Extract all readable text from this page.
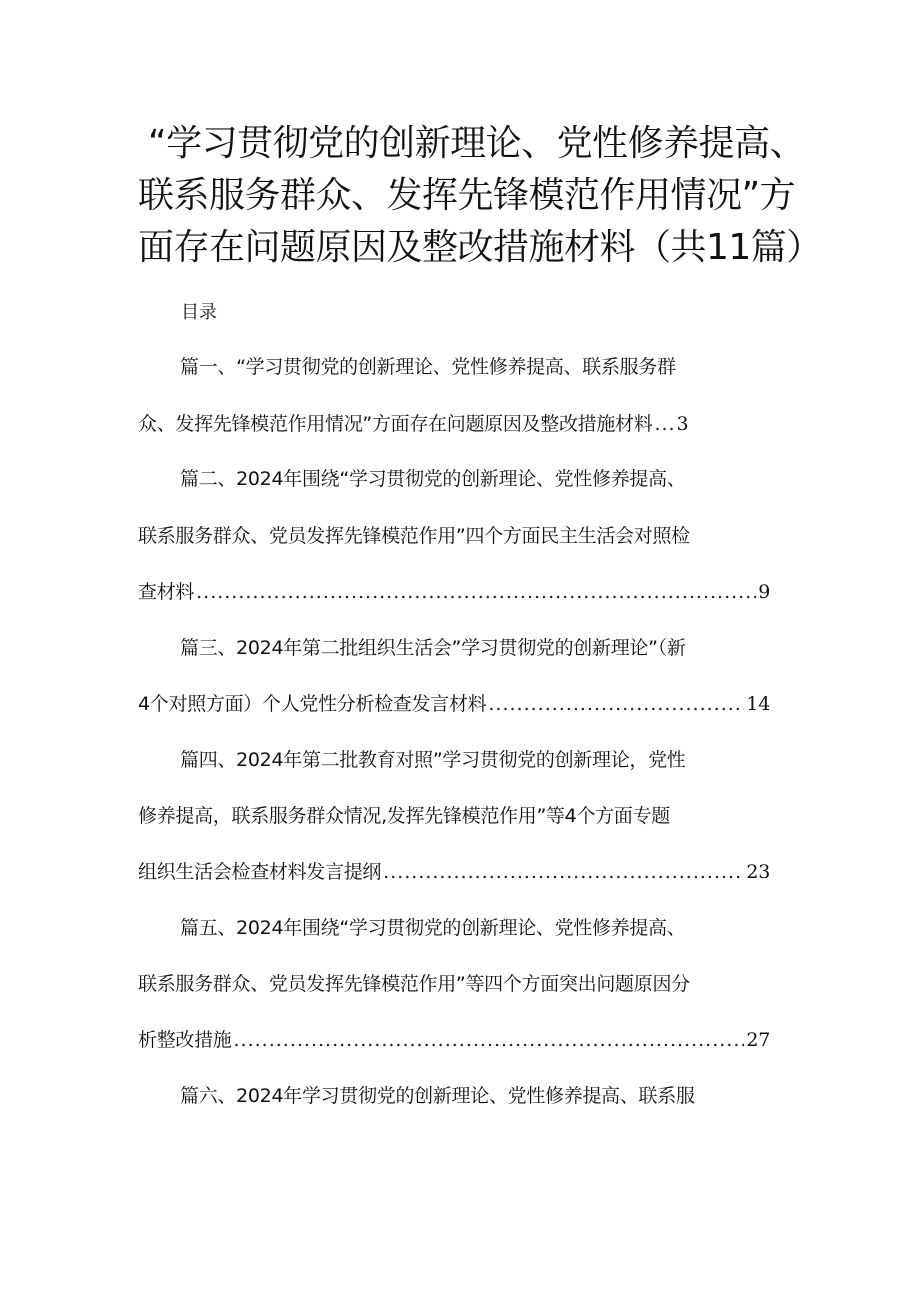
“学习贯彻党的创新理论、党性修养提高、
联系服务群众、发挥先锋模范作用情况”方
面存在问题原因及整改措施材料（共11篇）
目录
篇一、“学习贯彻党的创新理论、党性修养提高、联系服务群
众、发挥先锋模范作用情况”方面存在问题原因及整改措施材料 ..... 3
篇二、2024年围绕“学习贯彻党的创新理论、党性修养提高、
联系服务群众、党员发挥先锋模范作用”四个方面民主生活会对照检
查材料 .....	9
篇三、2024年第二批组织生活会”学习贯彻党的创新理论”（新
4个对照方面）个人党性分析检查发言材料 .....	14
篇四、2024年第二批教育对照”学习贯彻党的创新理论，党性
修养提高，联系服务群众情况,发挥先锋模范作用”等4个方面专题
组织生活会检查材料发言提纲 .....	23
篇五、2024年围绕“学习贯彻党的创新理论、党性修养提高、
联系服务群众、党员发挥先锋模范作用”等四个方面突出问题原因分
析整改措施 .....	27
篇六、2024年学习贯彻党的创新理论、党性修养提高、联系服
